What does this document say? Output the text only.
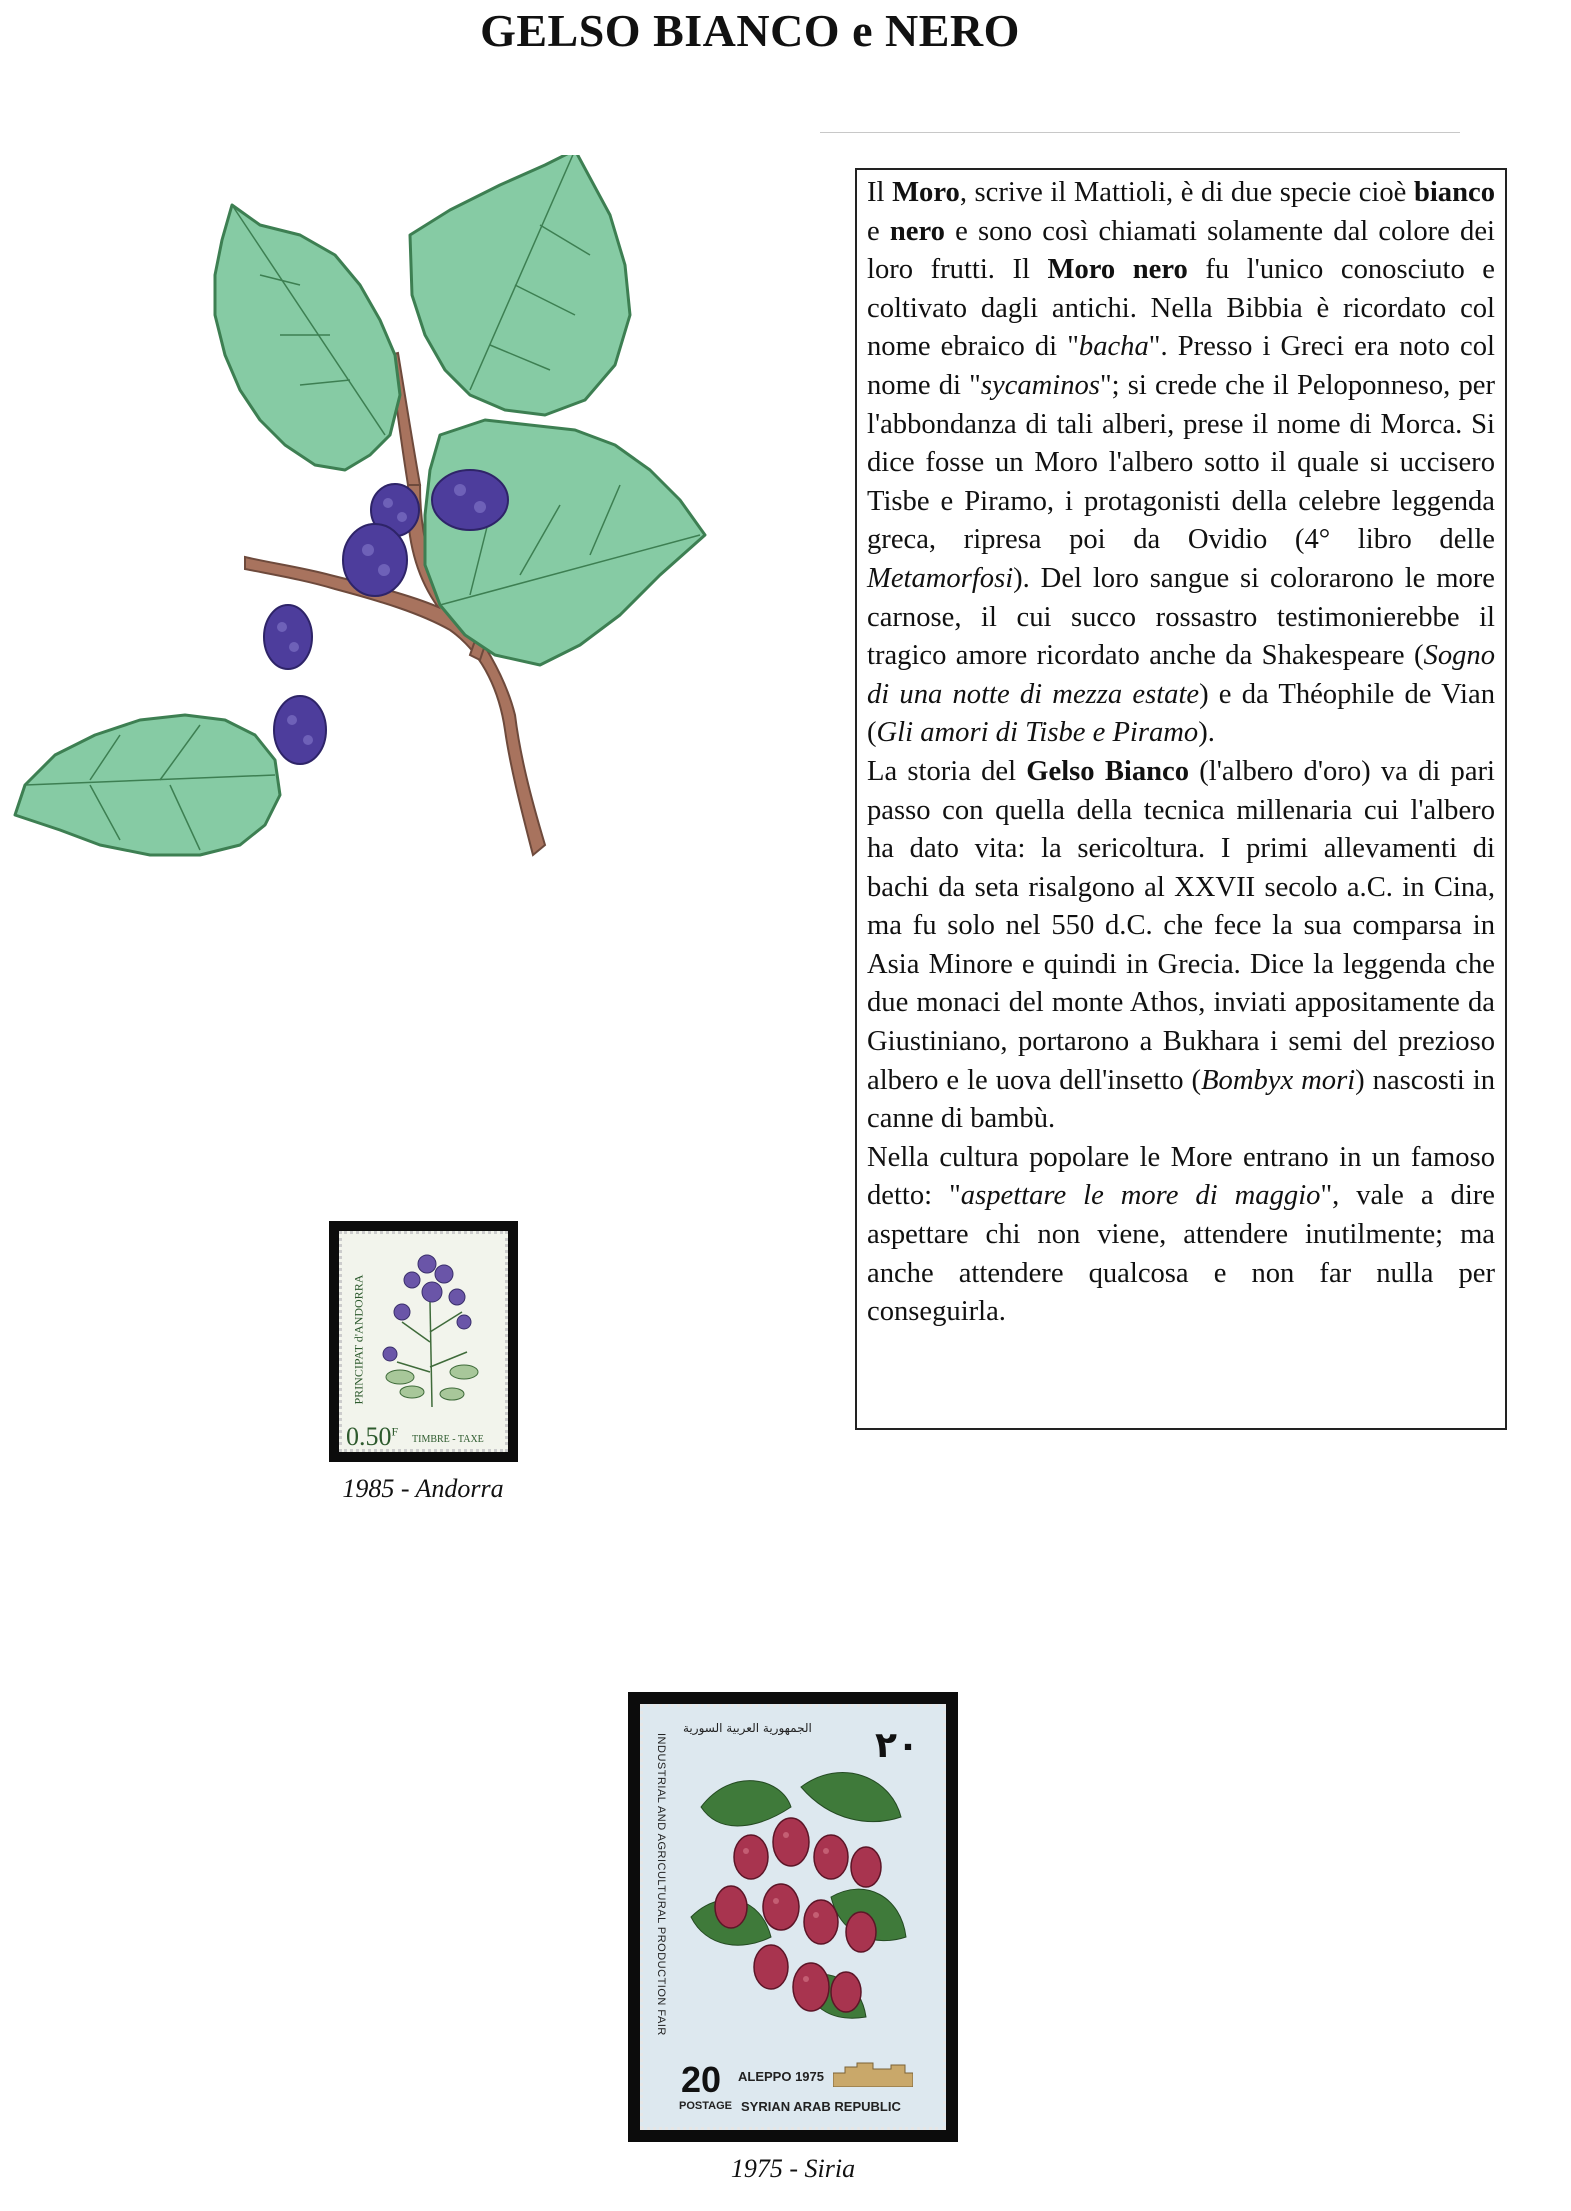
GELSO BIANCO e NERO

Il Moro, scrive il Mattioli, è di due specie cioè bianco e nero e sono così chiamati solamente dal colore dei loro frutti. Il Moro nero fu l'unico conosciuto e coltivato dagli antichi. Nella Bibbia è ricordato col nome ebraico di "bacha". Presso i Greci era noto col nome di "sycaminos"; si crede che il Peloponneso, per l'abbondanza di tali alberi, prese il nome di Morca. Si dice fosse un Moro l'albero sotto il quale si uccisero Tisbe e Piramo, i protagonisti della celebre leggenda greca, ripresa poi da Ovidio (4° libro delle Metamorfosi). Del loro sangue si colorarono le more carnose, il cui succo rossastro testimonierebbe il tragico amore ricordato anche da Shakespeare (Sogno di una notte di mezza estate) e da Théophile de Vian (Gli amori di Tisbe e Piramo).

La storia del Gelso Bianco (l'albero d'oro) va di pari passo con quella della tecnica millenaria cui l'albero ha dato vita: la sericoltura. I primi allevamenti di bachi da seta risalgono al XXVII secolo a.C. in Cina, ma fu solo nel 550 d.C. che fece la sua comparsa in Asia Minore e quindi in Grecia. Dice la leggenda che due monaci del monte Athos, inviati appositamente da Giustiniano, portarono a Bukhara i semi del prezioso albero e le uova dell'insetto (Bombyx mori) nascosti in canne di bambù.

Nella cultura popolare le More entrano in un famoso detto: "aspettare le more di maggio", vale a dire aspettare chi non viene, attendere inutilmente; ma anche attendere qualcosa e non far nulla per conseguirla.

PRINCIPAT d'ANDORRA
$0.50^F$
TIMBRE - TAXE
1985 - Andorra
الجمهورية العربية السورية ٢٠
INDUSTRIAL AND AGRICULTURAL PRODUCTION FAIR
20 ALEPPO 1975
POSTAGE SYRIAN ARAB REPUBLIC
1975 - Siria
